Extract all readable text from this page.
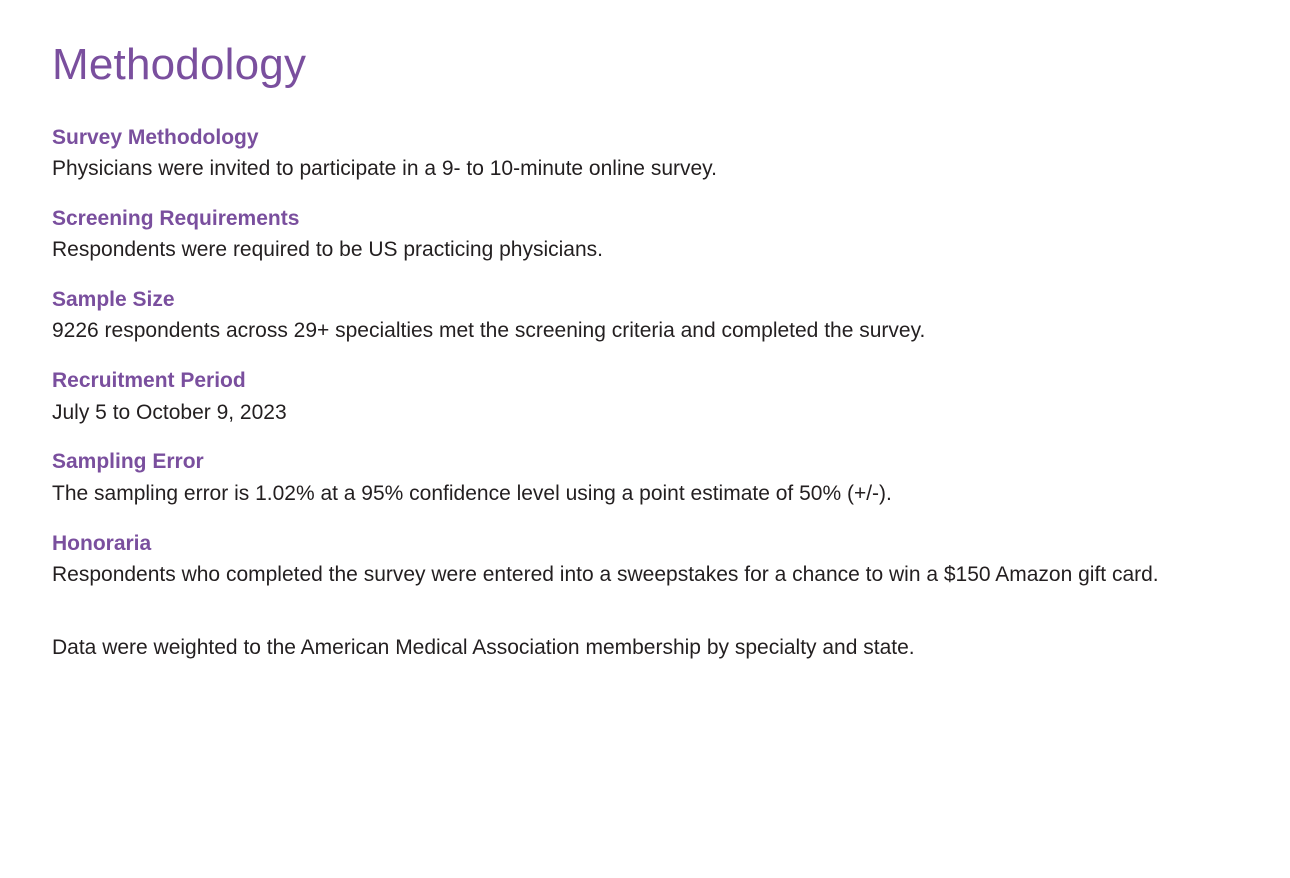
Methodology
Survey Methodology

Physicians were invited to participate in a 9- to 10-minute online survey.

Screening Requirements

Respondents were required to be US practicing physicians.

Sample Size

9226 respondents across 29+ specialties met the screening criteria and completed the survey.

Recruitment Period

July 5 to October 9, 2023

Sampling Error

The sampling error is 1.02% at a 95% confidence level using a point estimate of 50% (+/-).

Honoraria

Respondents who completed the survey were entered into a sweepstakes for a chance to win a $150 Amazon gift card.

Data were weighted to the American Medical Association membership by specialty and state.
